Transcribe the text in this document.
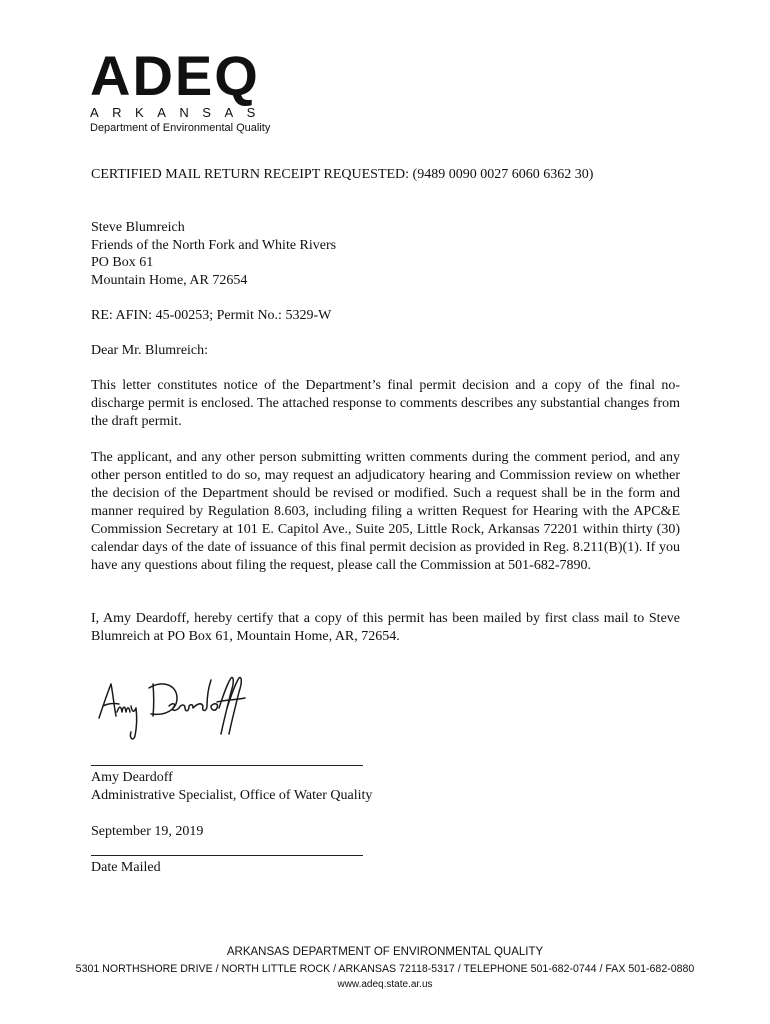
ADEQ
ARKANSAS
Department of Environmental Quality
CERTIFIED MAIL RETURN RECEIPT REQUESTED: (9489 0090 0027 6060 6362 30)
Steve Blumreich
Friends of the North Fork and White Rivers
PO Box 61
Mountain Home, AR 72654
RE: AFIN: 45-00253; Permit No.: 5329-W
Dear Mr. Blumreich:
This letter constitutes notice of the Department’s final permit decision and a copy of the final no-discharge permit is enclosed. The attached response to comments describes any substantial changes from the draft permit.
The applicant, and any other person submitting written comments during the comment period, and any other person entitled to do so, may request an adjudicatory hearing and Commission review on whether the decision of the Department should be revised or modified. Such a request shall be in the form and manner required by Regulation 8.603, including filing a written Request for Hearing with the APC&E Commission Secretary at 101 E. Capitol Ave., Suite 205, Little Rock, Arkansas 72201 within thirty (30) calendar days of the date of issuance of this final permit decision as provided in Reg. 8.211(B)(1). If you have any questions about filing the request, please call the Commission at 501-682-7890.
I, Amy Deardoff, hereby certify that a copy of this permit has been mailed by first class mail to Steve Blumreich at PO Box 61, Mountain Home, AR, 72654.
Amy Deardoff
Administrative Specialist, Office of Water Quality
September 19, 2019
Date Mailed
ARKANSAS DEPARTMENT OF ENVIRONMENTAL QUALITY
5301 NORTHSHORE DRIVE / NORTH LITTLE ROCK / ARKANSAS 72118-5317 / TELEPHONE 501-682-0744 / FAX 501-682-0880
www.adeq.state.ar.us
